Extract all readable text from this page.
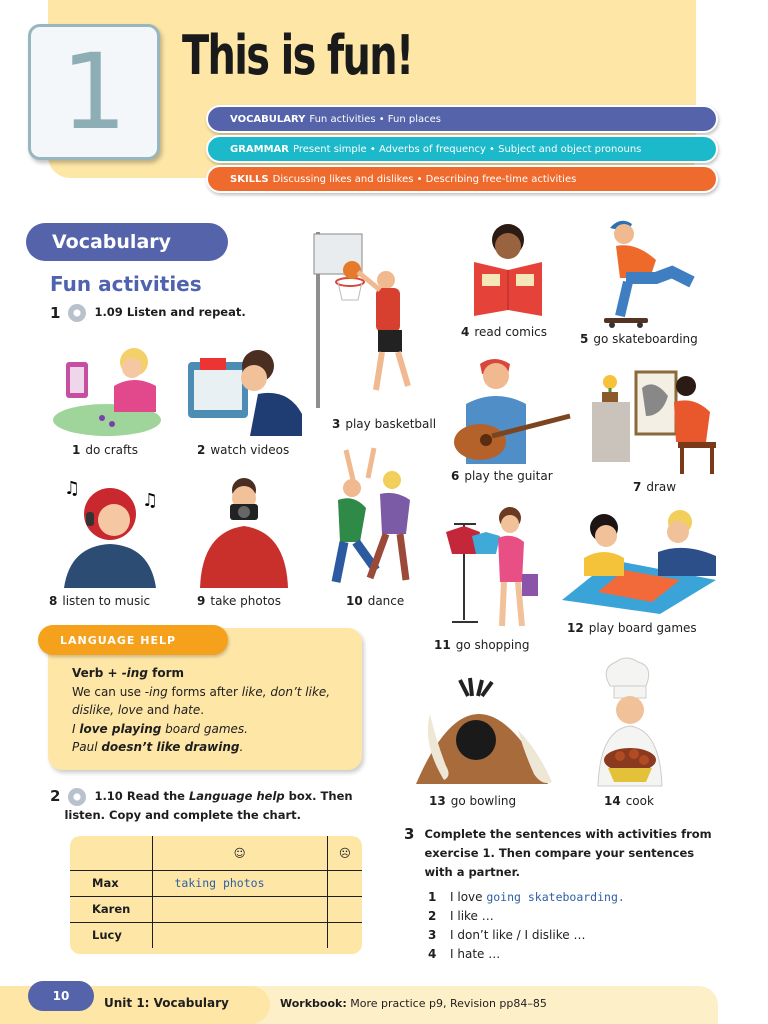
1 This is fun!
VOCABULARY Fun activities • Fun places
GRAMMAR Present simple • Adverbs of frequency • Subject and object pronouns
SKILLS Discussing likes and dislikes • Describing free-time activities
Vocabulary
Fun activities
1	1.09 Listen and repeat.
1 do crafts	2 watch videos
3 play basketball
4 read comics	5 go skateboarding
6 play the guitar
7 draw
♫
♫
8 listen to music	9 take photos	10 dance
11 go shopping
12 play board games
13 go bowling	14 cook
LANGUAGE HELP
Verb + -ing form
We can use -ing forms after like, don’t like,
dislike, love and hate.
I love playing board games.
Paul doesn’t like drawing.
2	1.10 Read the Language help box. Then
listen. Copy and complete the chart.
	☺	☹
Max	taking photos	
Karen		
Lucy		
3 Complete the sentences with activities from exercise 1. Then compare your sentences with a partner.
1 I love going skateboarding.
2 I like …
3 I don’t like / I dislike …
4 I hate …
10	Unit 1: Vocabulary	Workbook: More practice p9, Revision pp84–85
